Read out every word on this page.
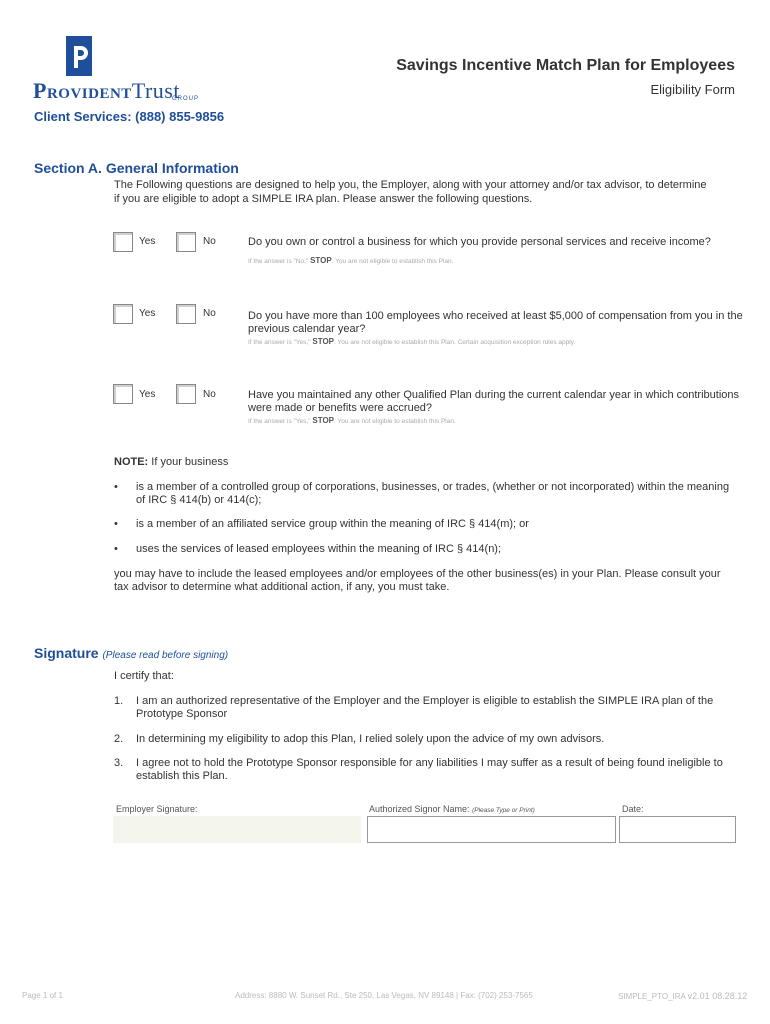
ProvidentTrust
GROUP
Client Services: (888) 855-9856
Savings Incentive Match Plan for Employees
Eligibility Form
Section A. General Information
The Following questions are designed to help you, the Employer, along with your attorney and/or tax advisor, to determine if you are eligible to adopt a SIMPLE IRA plan. Please answer the following questions.
Yes	No	Do you own or control a business for which you provide personal services and receive income?
If the answer is "No," STOP. You are not eligible to establish this Plan.
Yes	No	Do you have more than 100 employees who received at least $5,000 of compensation from you in the previous calendar year?
If the answer is "Yes," STOP. You are not eligible to establish this Plan. Certain acquisition exception rules apply.
Yes	No	Have you maintained any other Qualified Plan during the current calendar year in which contributions were made or benefits were accrued?
If the answer is "Yes," STOP. You are not eligible to establish this Plan.
NOTE: If your business
• is a member of a controlled group of corporations, businesses, or trades, (whether or not incorporated) within the meaning of IRC § 414(b) or 414(c);
• is a member of an affiliated service group within the meaning of IRC § 414(m); or
• uses the services of leased employees within the meaning of IRC § 414(n);
you may have to include the leased employees and/or employees of the other business(es) in your Plan. Please consult your tax advisor to determine what additional action, if any, you must take.
Signature (Please read before signing)
I certify that:
1. I am an authorized representative of the Employer and the Employer is eligible to establish the SIMPLE IRA plan of the Prototype Sponsor
2. In determining my eligibility to adop this Plan, I relied solely upon the advice of my own advisors.
3. I agree not to hold the Prototype Sponsor responsible for any liabilities I may suffer as a result of being found ineligible to establish this Plan.
Employer Signature:	Authorized Signor Name: (Please Type or Print)	Date:
Page 1 of 1	Address: 8880 W. Sunset Rd., Ste 250, Las Vegas, NV 89148 | Fax: (702) 253-7565	SIMPLE_PTO_IRA v2.01 08.28.12
